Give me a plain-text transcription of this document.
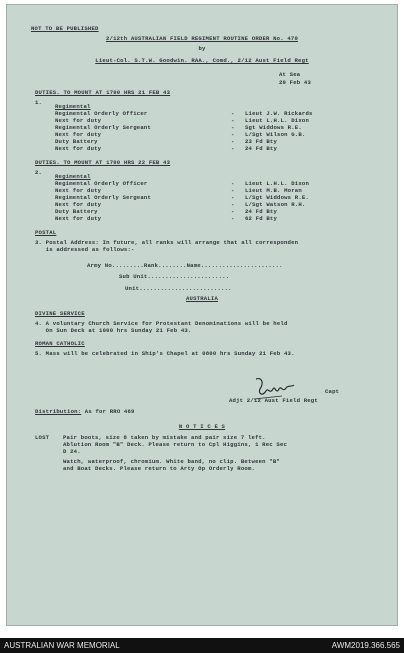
NOT TO BE PUBLISHED
2/12th AUSTRALIAN FIELD REGIMENT ROUTINE ORDER No. 470
by
Lieut-Col. S.T.W. Goodwin. RAA., Comd., 2/12 Aust Field Regt
At Sea
20 Feb 43
DUTIES. TO MOUNT AT 1700 HRS 21 FEB 43
1.
Regimental
Regimental Orderly Officer	Lieut J.W. Rickards
Next for duty	Lieut L.H.L. Dixon
Regimental Orderly Sergeant	Sgt Widdows R.E.
Next for duty	L/Sgt Wilson G.B.
Duty Battery	23 Fd Bty
Next for duty	24 Fd Bty
-
-
-
-
-
-
DUTIES. TO MOUNT AT 1700 HRS 22 FEB 43
2.
Regimental
Regimental Orderly Officer	Lieut L.H.L. Dixon
Next for duty	Lieut M.B. Moran
Regimental Orderly Sergeant	L/Sgt Widdows R.E.
Next for duty	L/Sgt Watson R.H.
Duty Battery	24 Fd Bty
Next for duty	62 Fd Bty
-
-
-
-
-
-
POSTAL
3. Postal Address: In future, all ranks will arrange that all corresponden
is addressed as follows:-
Army No.........Rank........Name.......................
Sub Unit.......................
Unit..........................
AUSTRALIA
DIVINE SERVICE
4. A voluntary Church Service for Protestant Denominations will be held
On Sun Deck at 1000 hrs Sunday 21 Feb 43.
ROMAN CATHOLIC
5. Mass will be celebrated in Ship's Chapel at 0800 hrs Sunday 21 Feb 43.
Capt
Adjt 2/12 Aust Field Regt
Distribution: As for RRO 469
N O T I C E S
LOST Pair boots, size 8 taken by mistake and pair size 7 left.
Ablution Room "B" Deck. Please return to Cpl Higgins, 1 Rec Sec
D 24.
Watch, waterproof, chromium. White band, no clip. Between "B"
and Boat Decks. Please return to Arty Op Orderly Room.
AUSTRALIAN WAR MEMORIAL	AWM2019.366.565
